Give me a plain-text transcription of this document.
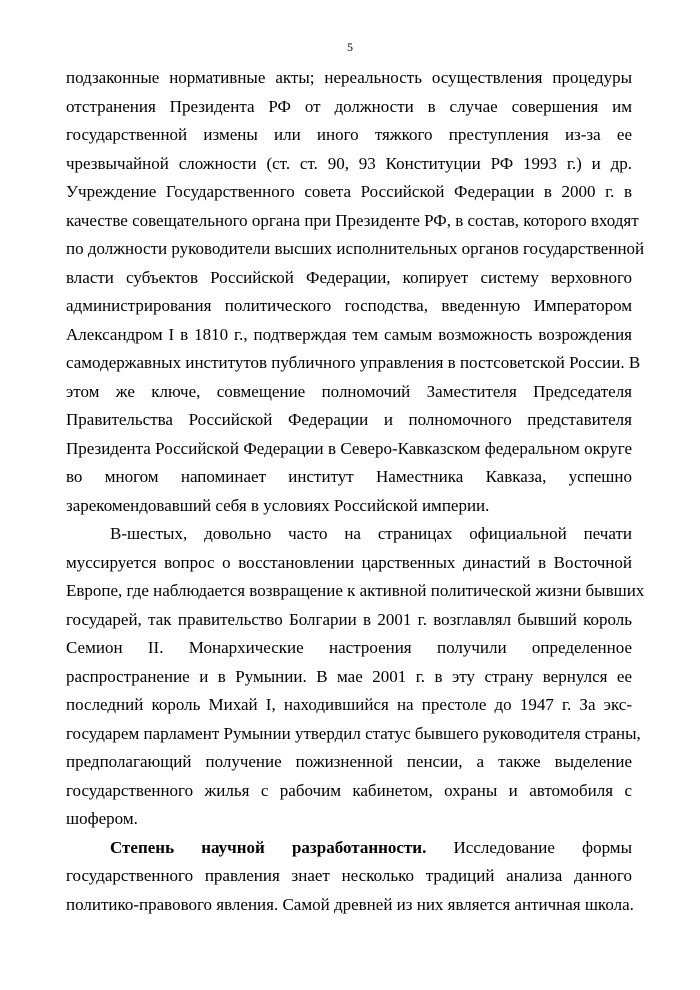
5
подзаконные нормативные акты; нереальность осуществления процедуры
отстранения Президента РФ от должности в случае совершения им
государственной измены или иного тяжкого преступления из-за ее
чрезвычайной сложности (ст. ст. 90, 93 Конституции РФ 1993 г.) и др.
Учреждение Государственного совета Российской Федерации в 2000 г. в
качестве совещательного органа при Президенте РФ, в состав, которого входят
по должности руководители высших исполнительных органов государственной
власти субъектов Российской Федерации, копирует систему верховного
администрирования политического господства, введенную Императором
Александром I в 1810 г., подтверждая тем самым возможность возрождения
самодержавных институтов публичного управления в постсоветской России. В
этом же ключе, совмещение полномочий Заместителя Председателя
Правительства Российской Федерации и полномочного представителя
Президента Российской Федерации в Северо-Кавказском федеральном округе
во многом напоминает институт Наместника Кавказа, успешно
зарекомендовавший себя в условиях Российской империи.
В-шестых, довольно часто на страницах официальной печати
муссируется вопрос о восстановлении царственных династий в Восточной
Европе, где наблюдается возвращение к активной политической жизни бывших
государей, так правительство Болгарии в 2001 г. возглавлял бывший король
Семион II. Монархические настроения получили определенное
распространение и в Румынии. В мае 2001 г. в эту страну вернулся ее
последний король Михай I, находившийся на престоле до 1947 г. За экс-
государем парламент Румынии утвердил статус бывшего руководителя страны,
предполагающий получение пожизненной пенсии, а также выделение
государственного жилья с рабочим кабинетом, охраны и автомобиля с
шофером.
Степень научной разработанности. Исследование формы
государственного правления знает несколько традиций анализа данного
политико-правового явления. Самой древней из них является античная школа.
